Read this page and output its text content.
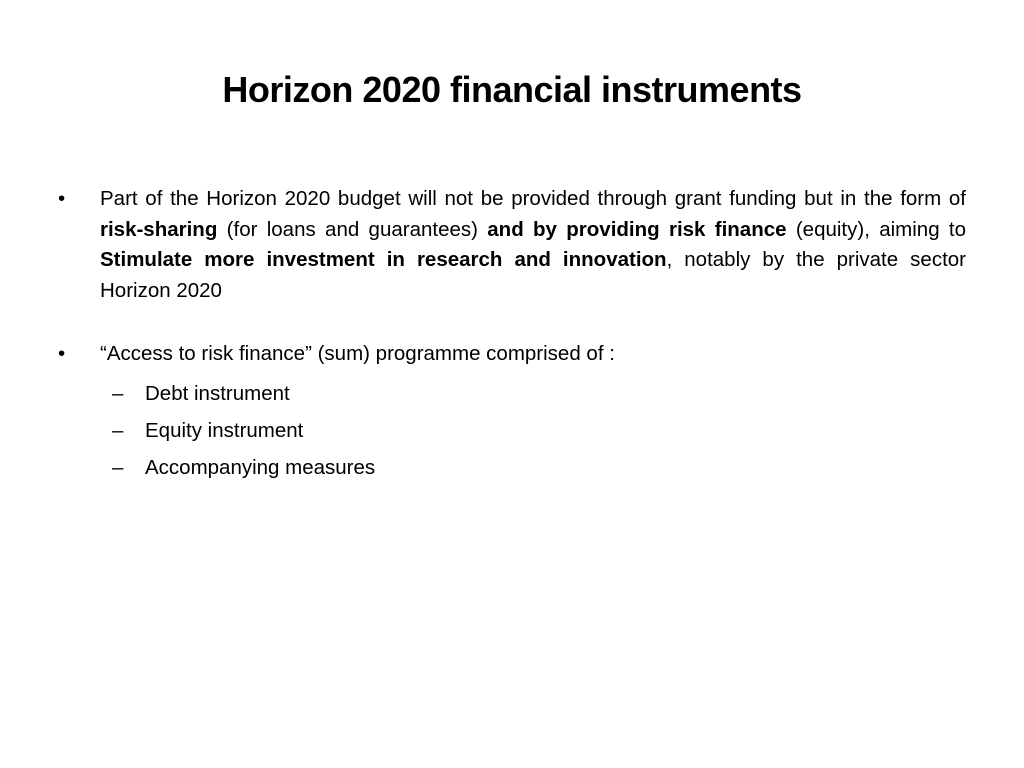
Horizon 2020 financial instruments
•	Part of the Horizon 2020 budget will not be provided through grant funding but in the form of risk-sharing (for loans and guarantees) and by providing risk finance (equity), aiming to Stimulate more investment in research and innovation, notably by the private sector Horizon 2020
•	“Access to risk finance” (sum) programme comprised of :
– Debt instrument
– Equity instrument
– Accompanying measures
